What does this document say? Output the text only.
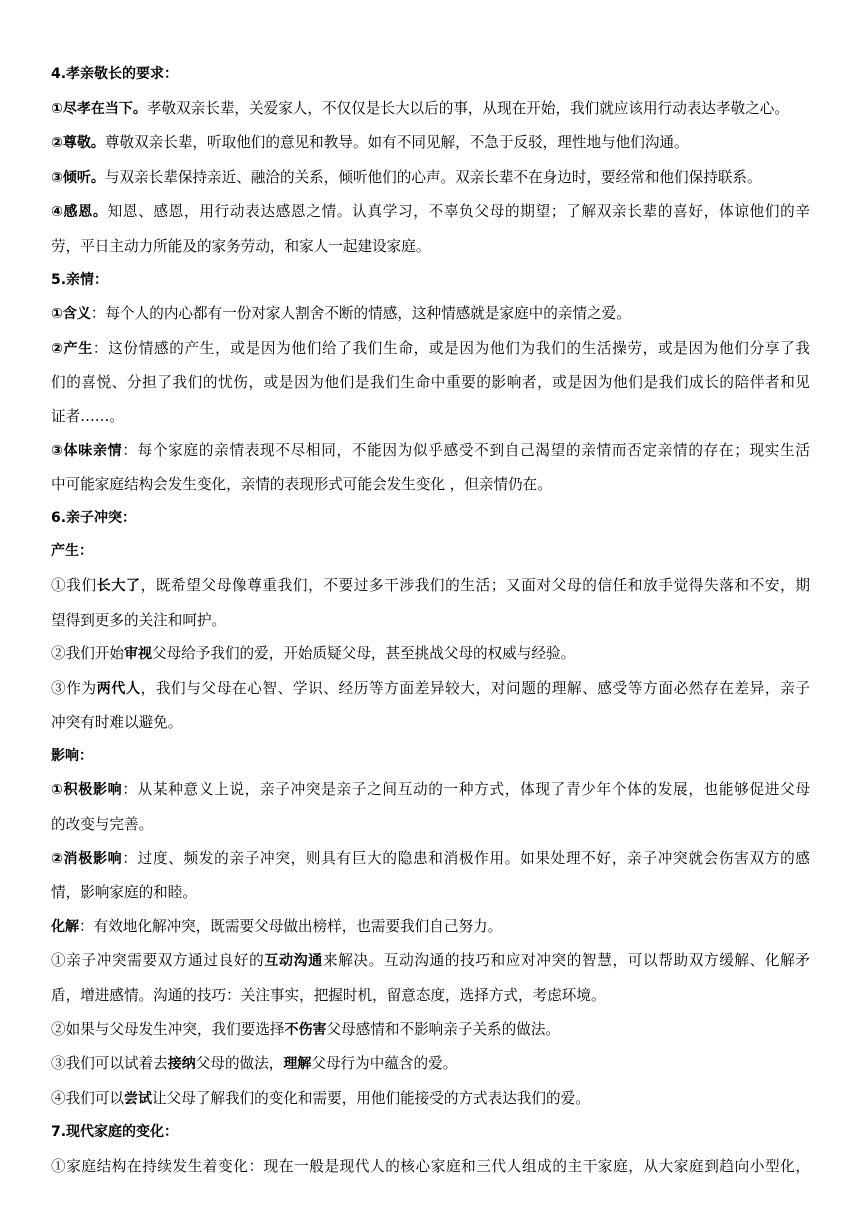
4.孝亲敬长的要求：
①尽孝在当下。孝敬双亲长辈，关爱家人，不仅仅是长大以后的事，从现在开始，我们就应该用行动表达孝敬之心。
②尊敬。尊敬双亲长辈，听取他们的意见和教导。如有不同见解，不急于反驳，理性地与他们沟通。
③倾听。与双亲长辈保持亲近、融洽的关系，倾听他们的心声。双亲长辈不在身边时，要经常和他们保持联系。
④感恩。知恩、感恩，用行动表达感恩之情。认真学习，不辜负父母的期望；了解双亲长辈的喜好，体谅他们的辛
劳，平日主动力所能及的家务劳动，和家人一起建设家庭。
5.亲情：
①含义：每个人的内心都有一份对家人割舍不断的情感，这种情感就是家庭中的亲情之爱。
②产生：这份情感的产生，或是因为他们给了我们生命，或是因为他们为我们的生活操劳，或是因为他们分享了我
们的喜悦、分担了我们的忧伤，或是因为他们是我们生命中重要的影响者，或是因为他们是我们成长的陪伴者和见
证者……。
③体味亲情：每个家庭的亲情表现不尽相同，不能因为似乎感受不到自己渴望的亲情而否定亲情的存在；现实生活
中可能家庭结构会发生变化，亲情的表现形式可能会发生变化 ，但亲情仍在。
6.亲子冲突：
产生：
①我们长大了，既希望父母像尊重我们，不要过多干涉我们的生活；又面对父母的信任和放手觉得失落和不安，期
望得到更多的关注和呵护。
②我们开始审视父母给予我们的爱，开始质疑父母，甚至挑战父母的权威与经验。
③作为两代人，我们与父母在心智、学识、经历等方面差异较大，对问题的理解、感受等方面必然存在差异，亲子
冲突有时难以避免。
影响：
①积极影响：从某种意义上说，亲子冲突是亲子之间互动的一种方式，体现了青少年个体的发展，也能够促进父母
的改变与完善。
②消极影响：过度、频发的亲子冲突，则具有巨大的隐患和消极作用。如果处理不好，亲子冲突就会伤害双方的感
情，影响家庭的和睦。
化解：有效地化解冲突，既需要父母做出榜样，也需要我们自己努力。
①亲子冲突需要双方通过良好的互动沟通来解决。互动沟通的技巧和应对冲突的智慧，可以帮助双方缓解、化解矛
盾，增进感情。沟通的技巧：关注事实，把握时机，留意态度，选择方式，考虑环境。
②如果与父母发生冲突，我们要选择不伤害父母感情和不影响亲子关系的做法。
③我们可以试着去接纳父母的做法，理解父母行为中蕴含的爱。
④我们可以尝试让父母了解我们的变化和需要，用他们能接受的方式表达我们的爱。
7.现代家庭的变化：
①家庭结构在持续发生着变化：现在一般是现代人的核心家庭和三代人组成的主干家庭，从大家庭到趋向小型化，
